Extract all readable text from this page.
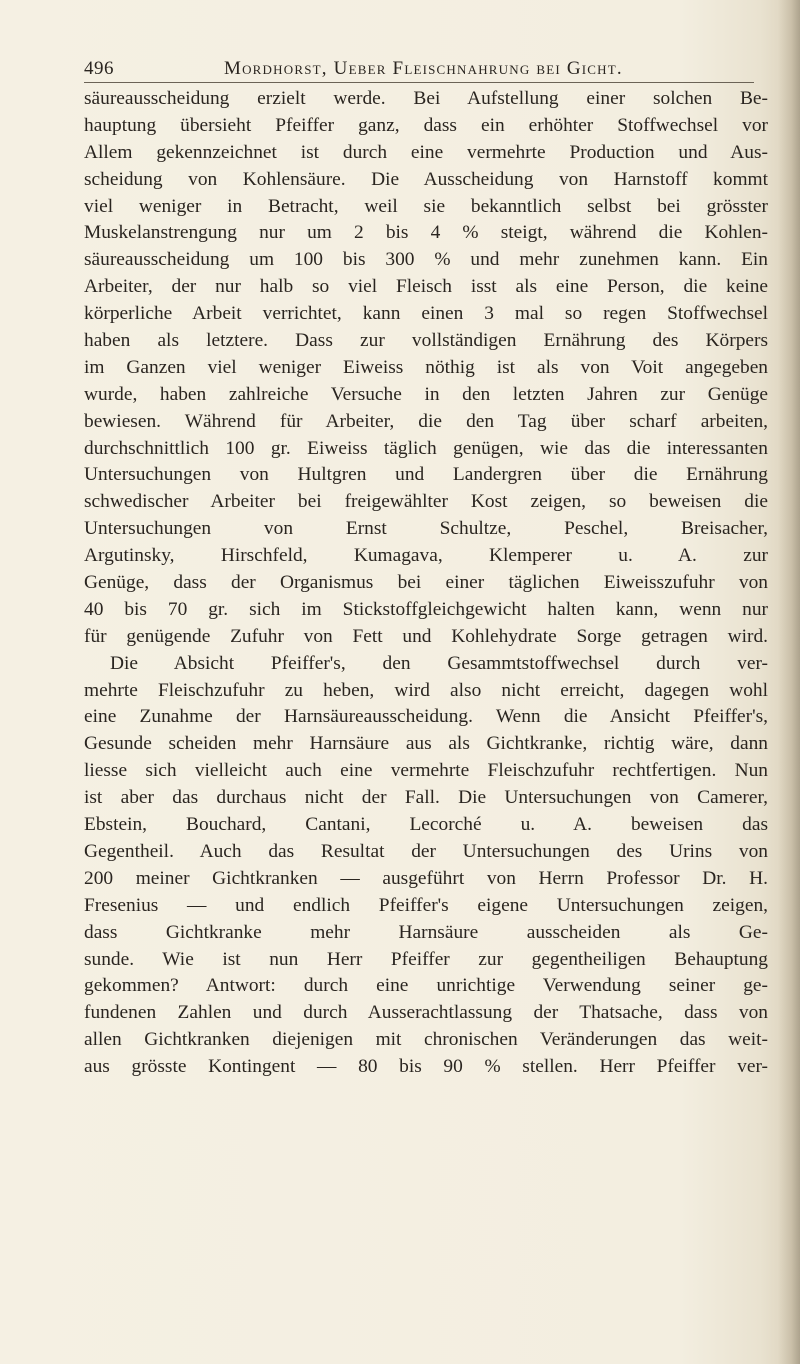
496	Mordhorst, Ueber Fleischnahrung bei Gicht.
säureausscheidung erzielt werde. Bei Aufstellung einer solchen Be-
hauptung übersieht Pfeiffer ganz, dass ein erhöhter Stoffwechsel vor
Allem gekennzeichnet ist durch eine vermehrte Production und Aus-
scheidung von Kohlensäure. Die Ausscheidung von Harnstoff kommt
viel weniger in Betracht, weil sie bekanntlich selbst bei grösster
Muskelanstrengung nur um 2 bis 4 % steigt, während die Kohlen-
säureausscheidung um 100 bis 300 % und mehr zunehmen kann. Ein
Arbeiter, der nur halb so viel Fleisch isst als eine Person, die keine
körperliche Arbeit verrichtet, kann einen 3 mal so regen Stoffwechsel
haben als letztere. Dass zur vollständigen Ernährung des Körpers
im Ganzen viel weniger Eiweiss nöthig ist als von Voit angegeben
wurde, haben zahlreiche Versuche in den letzten Jahren zur Genüge
bewiesen. Während für Arbeiter, die den Tag über scharf arbeiten,
durchschnittlich 100 gr. Eiweiss täglich genügen, wie das die interessanten
Untersuchungen von Hultgren und Landergren über die Ernährung
schwedischer Arbeiter bei freigewählter Kost zeigen, so beweisen die
Untersuchungen von Ernst Schultze, Peschel, Breisacher,
Argutinsky, Hirschfeld, Kumagava, Klemperer u. A. zur
Genüge, dass der Organismus bei einer täglichen Eiweisszufuhr von
40 bis 70 gr. sich im Stickstoffgleichgewicht halten kann, wenn nur
für genügende Zufuhr von Fett und Kohlehydrate Sorge getragen wird.
Die Absicht Pfeiffer's, den Gesammtstoffwechsel durch ver-
mehrte Fleischzufuhr zu heben, wird also nicht erreicht, dagegen wohl
eine Zunahme der Harnsäureausscheidung. Wenn die Ansicht Pfeiffer's,
Gesunde scheiden mehr Harnsäure aus als Gichtkranke, richtig wäre, dann
liesse sich vielleicht auch eine vermehrte Fleischzufuhr rechtfertigen. Nun
ist aber das durchaus nicht der Fall. Die Untersuchungen von Camerer,
Ebstein, Bouchard, Cantani, Lecorché u. A. beweisen das
Gegentheil. Auch das Resultat der Untersuchungen des Urins von
200 meiner Gichtkranken — ausgeführt von Herrn Professor Dr. H.
Fresenius — und endlich Pfeiffer's eigene Untersuchungen zeigen,
dass Gichtkranke mehr Harnsäure ausscheiden als Ge-
sunde. Wie ist nun Herr Pfeiffer zur gegentheiligen Behauptung
gekommen? Antwort: durch eine unrichtige Verwendung seiner ge-
fundenen Zahlen und durch Ausserachtlassung der Thatsache, dass von
allen Gichtkranken diejenigen mit chronischen Veränderungen das weit-
aus grösste Kontingent — 80 bis 90 % stellen. Herr Pfeiffer ver-
